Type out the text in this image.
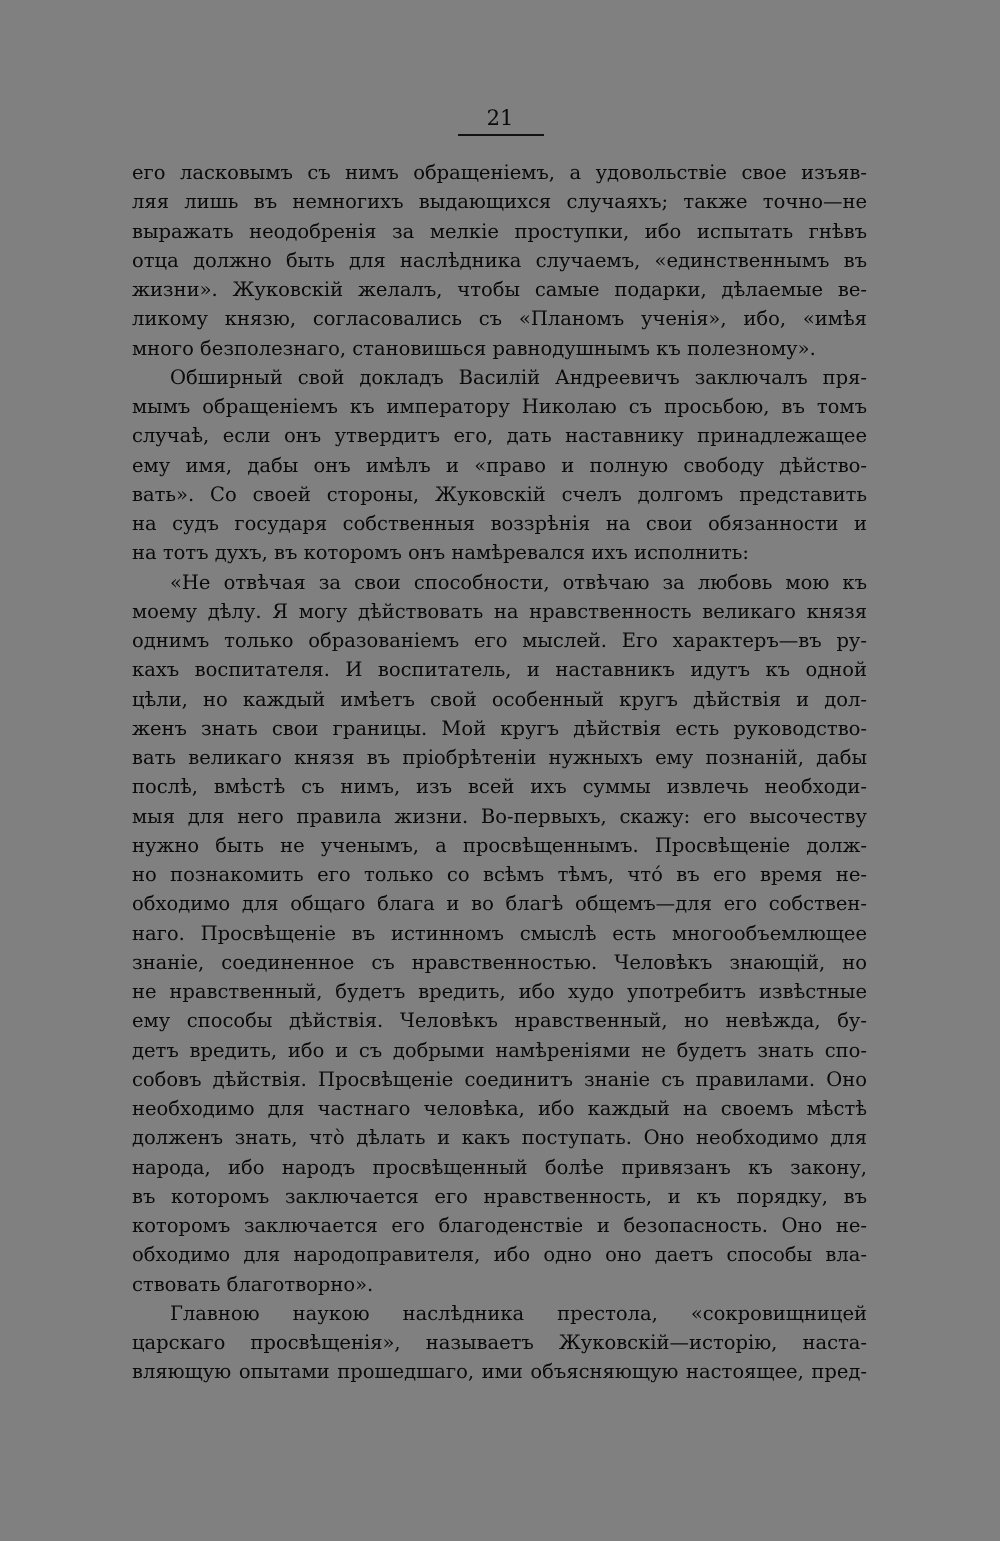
21
его ласковымъ съ нимъ обращеніемъ, а удовольствіе свое изъяв-
ляя лишь въ немногихъ выдающихся случаяхъ; также точно—не
выражать неодобренія за мелкіе проступки, ибо испытать гнѣвъ
отца должно быть для наслѣдника случаемъ, «единственнымъ въ
жизни». Жуковскій желалъ, чтобы самые подарки, дѣлаемые ве-
ликому князю, согласовались съ «Планомъ ученія», ибо, «имѣя
много безполезнаго, становишься равнодушнымъ къ полезному».
Обширный свой докладъ Василій Андреевичъ заключалъ пря-
мымъ обращеніемъ къ императору Николаю съ просьбою, въ томъ
случаѣ, если онъ утвердитъ его, дать наставнику принадлежащее
ему имя, дабы онъ имѣлъ и «право и полную свободу дѣйство-
вать». Со своей стороны, Жуковскій счелъ долгомъ представить
на судъ государя собственныя воззрѣнія на свои обязанности и
на тотъ духъ, въ которомъ онъ намѣревался ихъ исполнить:
«Не отвѣчая за свои способности, отвѣчаю за любовь мою къ
моему дѣлу. Я могу дѣйствовать на нравственность великаго князя
однимъ только образованіемъ его мыслей. Его характеръ—въ ру-
кахъ воспитателя. И воспитатель, и наставникъ идутъ къ одной
цѣли, но каждый имѣетъ свой особенный кругъ дѣйствія и дол-
женъ знать свои границы. Мой кругъ дѣйствія есть руководство-
вать великаго князя въ пріобрѣтеніи нужныхъ ему познаній, дабы
послѣ, вмѣстѣ съ нимъ, изъ всей ихъ суммы извлечь необходи-
мыя для него правила жизни. Во-первыхъ, скажу: его высочеству
нужно быть не ученымъ, а просвѣщеннымъ. Просвѣщеніе долж-
но познакомить его только со всѣмъ тѣмъ, что́ въ его время не-
обходимо для общаго блага и во благѣ общемъ—для его собствен-
наго. Просвѣщеніе въ истинномъ смыслѣ есть многообъемлющее
знаніе, соединенное съ нравственностью. Человѣкъ знающій, но
не нравственный, будетъ вредить, ибо худо употребитъ извѣстные
ему способы дѣйствія. Человѣкъ нравственный, но невѣжда, бу-
детъ вредить, ибо и съ добрыми намѣреніями не будетъ знать спо-
собовъ дѣйствія. Просвѣщеніе соединитъ знаніе съ правилами. Оно
необходимо для частнаго человѣка, ибо каждый на своемъ мѣстѣ
долженъ знать, что̀ дѣлать и какъ поступать. Оно необходимо для
народа, ибо народъ просвѣщенный болѣе привязанъ къ закону,
въ которомъ заключается его нравственность, и къ порядку, въ
которомъ заключается его благоденствіе и безопасность. Оно не-
обходимо для народоправителя, ибо одно оно даетъ способы вла-
ствовать благотворно».
Главною наукою наслѣдника престола, «сокровищницей
царскаго просвѣщенія», называетъ Жуковскій—исторію, наста-
вляющую опытами прошедшаго, ими объясняющую настоящее, пред-
